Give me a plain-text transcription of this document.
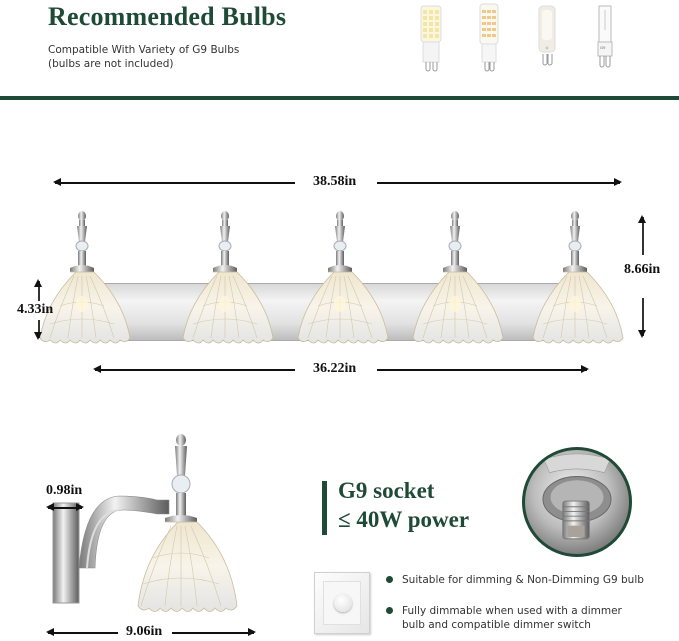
Recommended Bulbs
Compatible With Variety of G9 Bulbs
(bulbs are not included)
G9
38.58in
4.33in
8.66in
36.22in
0.98in
9.06in
G9 socket
≤ 40W power
Suitable for dimming & Non-Dimming G9 bulb
Fully dimmable when used with a dimmer
bulb and compatible dimmer switch
